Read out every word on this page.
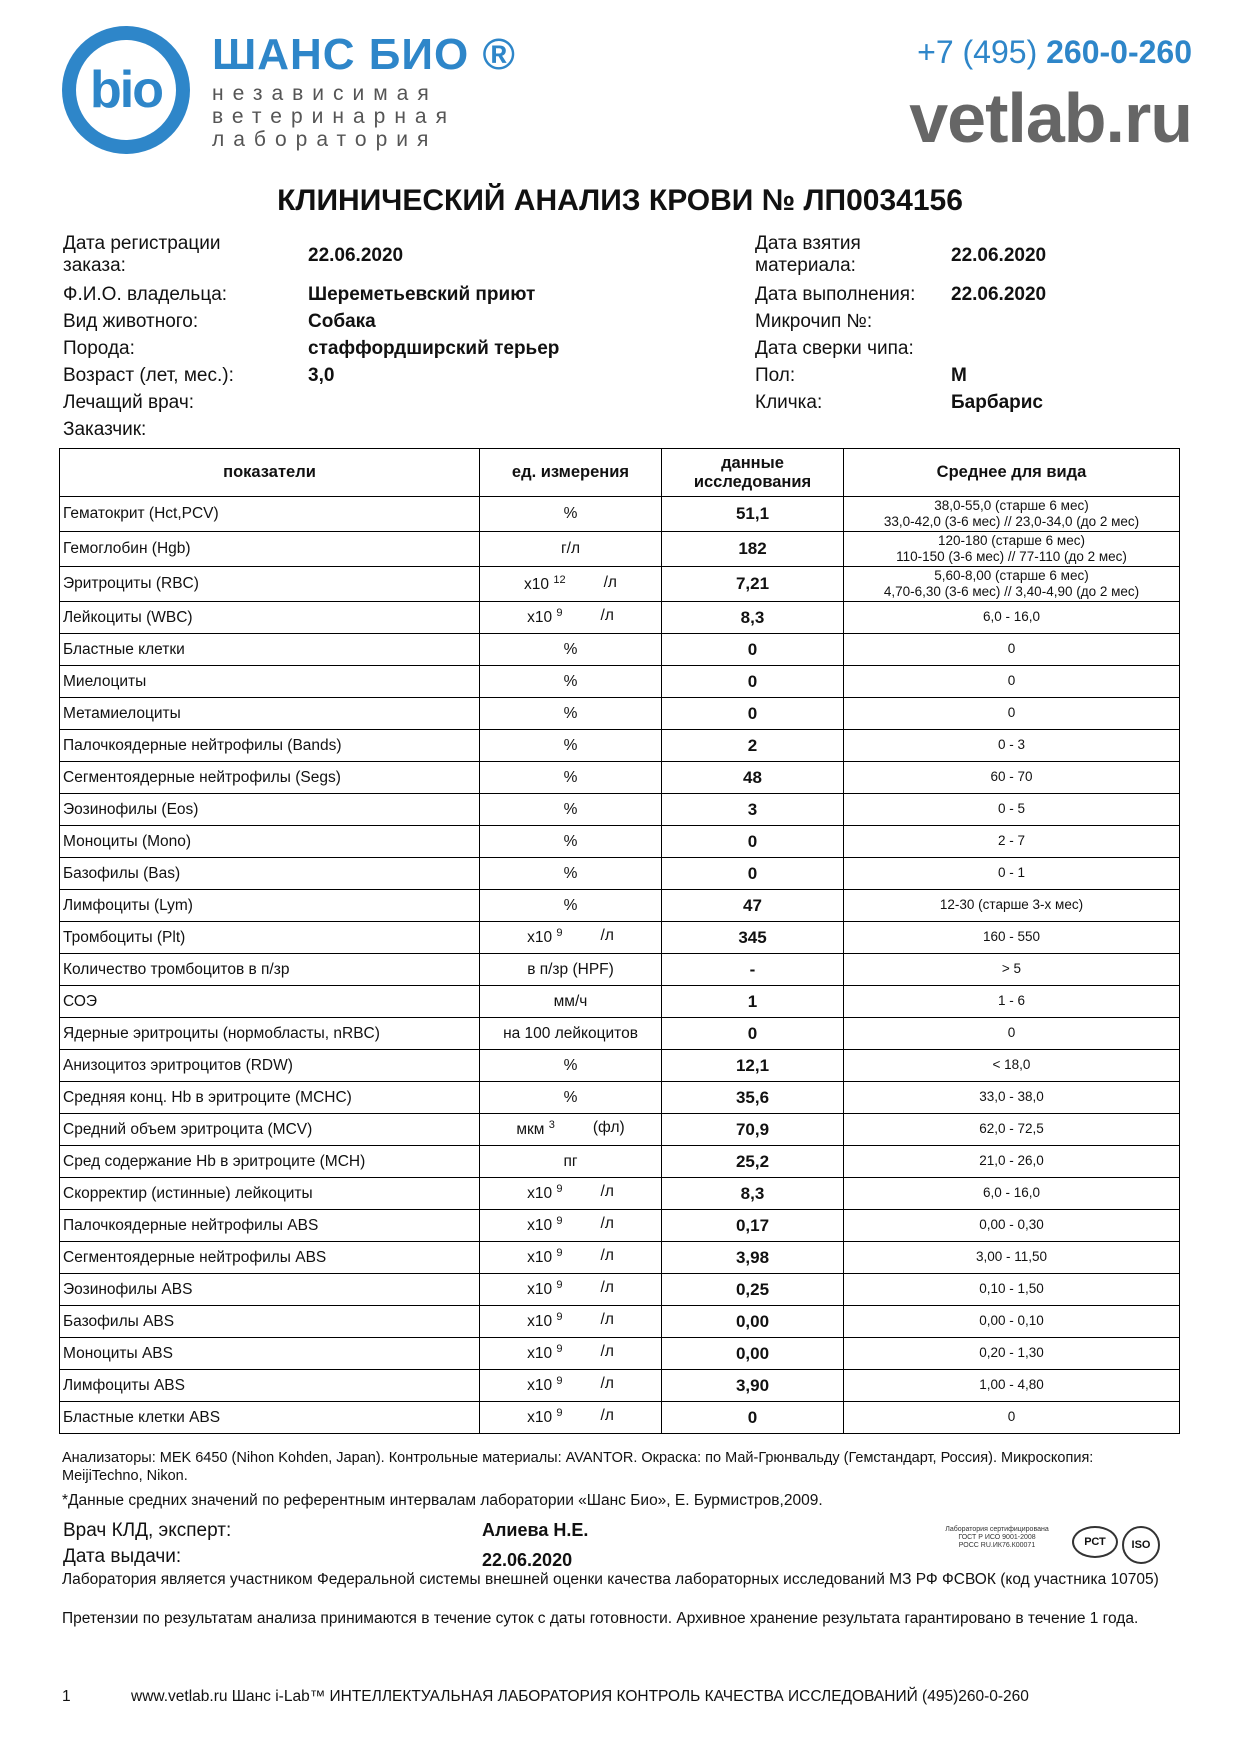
bio
ШАНС БИО ®
независимая
ветеринарная
лаборатория
+7 (495) 260-0-260
vetlab.ru
КЛИНИЧЕСКИЙ АНАЛИЗ КРОВИ № ЛП0034156
Дата регистрации заказа:	22.06.2020
Ф.И.О. владельца:	Шереметьевский приют
Вид животного:	Собака
Порода:	стаффордширский терьер
Возраст (лет, мес.):	3,0
Лечащий врач:
Заказчик:
Дата взятия материала:	22.06.2020
Дата выполнения: 22.06.2020
Микрочип №:
Дата сверки чипа:
Пол:	М
Кличка:	Барбарис
показатели	ед. измерения	данные исследования	Среднее для вида
Гематокрит (Hct,PCV)	%	51,1	38,0-55,0 (старше 6 мес)
33,0-42,0 (3-6 мес) // 23,0-34,0 (до 2 мес)
Гемоглобин (Hgb)	г/л	182	120-180 (старше 6 мес)
110-150 (3-6 мес) // 77-110 (до 2 мес)
Эритроциты (RBC)	x10 $^{12}$ /л	7,21	5,60-8,00 (старше 6 мес)
4,70-6,30 (3-6 мес) // 3,40-4,90 (до 2 мес)
Лейкоциты (WBC)	x10 $^9$ /л	8,3	6,0 - 16,0
Бластные клетки	%	0	0
Миелоциты	%	0	0
Метамиелоциты	%	0	0
Палочкоядерные нейтрофилы (Bands)	%	2	0 - 3
Сегментоядерные нейтрофилы (Segs)	%	48	60 - 70
Эозинофилы (Eos)	%	3	0 - 5
Моноциты (Mono)	%	0	2 - 7
Базофилы (Bas)	%	0	0 - 1
Лимфоциты (Lym)	%	47	12-30 (старше 3-х мес)
Тромбоциты (Plt)	x10 $^9$ /л	345	160 - 550
Количество тромбоцитов в п/зр	в п/зр (HPF)	-	> 5
СОЭ	мм/ч	1	1 - 6
Ядерные эритроциты (нормобласты, nRBC)	на 100 лейкоцитов	0	0
Анизоцитоз эритроцитов (RDW)	%	12,1	< 18,0
Средняя конц. Hb в эритроците (MCHC)	%	35,6	33,0 - 38,0
Средний объем эритроцита (MCV)	мкм $^3$ (фл)	70,9	62,0 - 72,5
Сред содержание Hb в эритроците (MCH)	пг	25,2	21,0 - 26,0
Скорректир (истинные) лейкоциты	x10 $^9$ /л	8,3	6,0 - 16,0
Палочкоядерные нейтрофилы ABS	x10 $^9$ /л	0,17	0,00 - 0,30
Сегментоядерные нейтрофилы ABS	x10 $^9$ /л	3,98	3,00 - 11,50
Эозинофилы ABS	x10 $^9$ /л	0,25	0,10 - 1,50
Базофилы ABS	x10 $^9$ /л	0,00	0,00 - 0,10
Моноциты ABS	x10 $^9$ /л	0,00	0,20 - 1,30
Лимфоциты ABS	x10 $^9$ /л	3,90	1,00 - 4,80
Бластные клетки ABS	x10 $^9$ /л	0	0
Анализаторы: MEK 6450 (Nihon Kohden, Japan). Контрольные материалы: AVANTOR. Окраска: по Май-Грюнвальду (Гемстандарт, Россия). Микроскопия: MeijiTechno, Nikon.
*Данные средних значений по референтным интервалам лаборатории «Шанс Био», Е. Бурмистров,2009.
Врач КЛД, эксперт:	Алиева Н.Е.
Дата выдачи:	22.06.2020
Лаборатория сертифицирована
ГОСТ Р ИСО 9001-2008
РОСС RU.ИК76.К00071	РСТ	ISO
Лаборатория является участником Федеральной системы внешней оценки качества лабораторных исследований МЗ РФ ФСВОК (код участника 10705)
Претензии по результатам анализа принимаются в течение суток с даты готовности. Архивное хранение результата гарантировано в течение 1 года.
1	www.vetlab.ru Шанс i-Lab™ ИНТЕЛЛЕКТУАЛЬНАЯ ЛАБОРАТОРИЯ КОНТРОЛЬ КАЧЕСТВА ИССЛЕДОВАНИЙ (495)260-0-260
